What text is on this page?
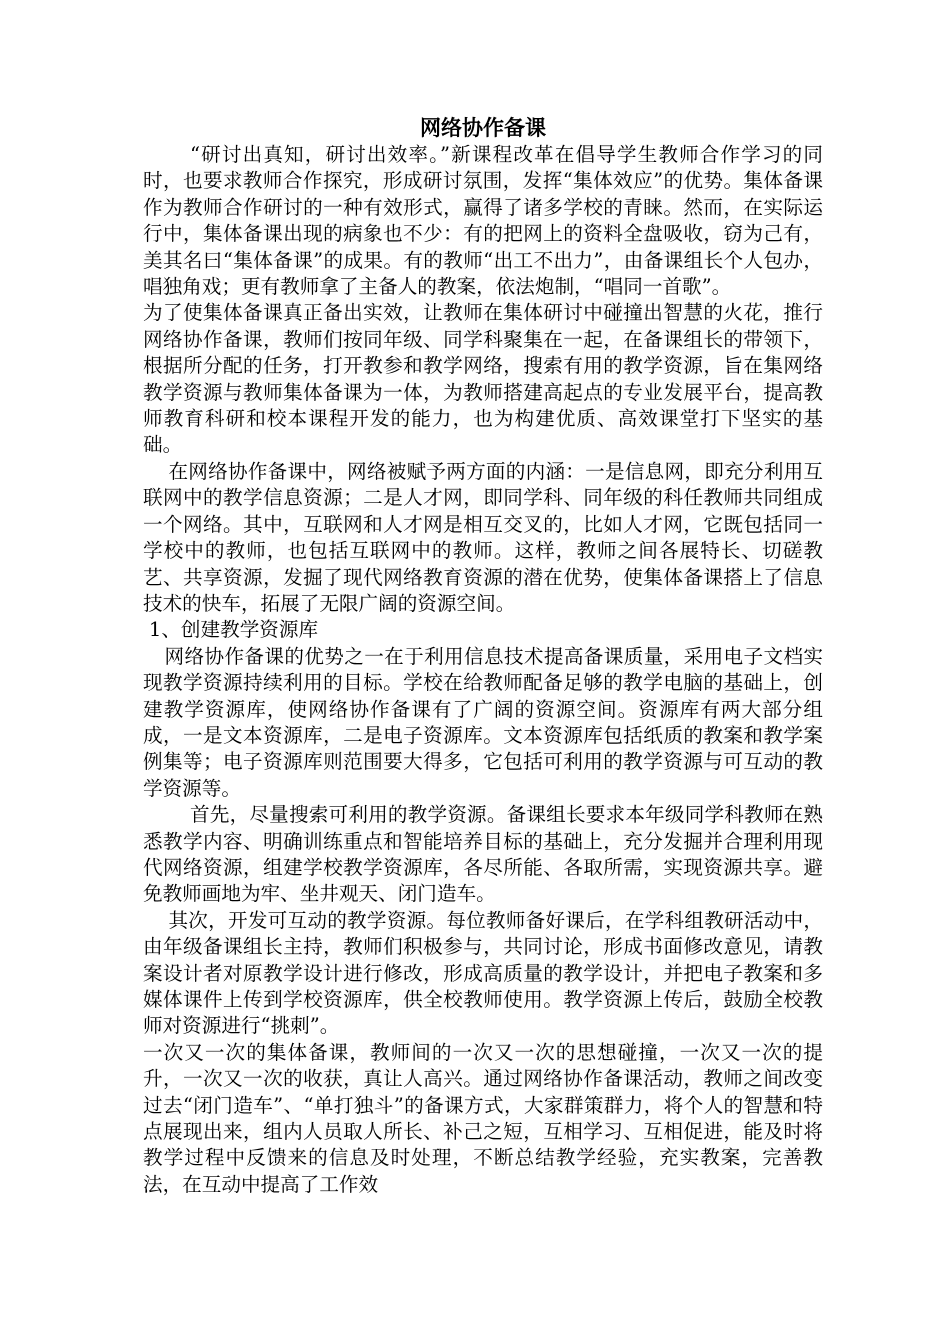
网络协作备课

“研讨出真知，研讨出效率。”新课程改革在倡导学生教师合作学习的同时，也要求教师合作探究，形成研讨氛围，发挥“集体效应”的优势。集体备课作为教师合作研讨的一种有效形式，赢得了诸多学校的青睐。然而，在实际运行中，集体备课出现的病象也不少：有的把网上的资料全盘吸收，窃为己有，美其名曰“集体备课”的成果。有的教师“出工不出力”，由备课组长个人包办，唱独角戏；更有教师拿了主备人的教案，依法炮制，“唱同一首歌”。

为了使集体备课真正备出实效，让教师在集体研讨中碰撞出智慧的火花，推行网络协作备课，教师们按同年级、同学科聚集在一起，在备课组长的带领下，根据所分配的任务，打开教参和教学网络，搜索有用的教学资源，旨在集网络教学资源与教师集体备课为一体，为教师搭建高起点的专业发展平台，提高教师教育科研和校本课程开发的能力，也为构建优质、高效课堂打下坚实的基础。

在网络协作备课中，网络被赋予两方面的内涵：一是信息网，即充分利用互联网中的教学信息资源；二是人才网，即同学科、同年级的科任教师共同组成一个网络。其中，互联网和人才网是相互交叉的，比如人才网，它既包括同一学校中的教师，也包括互联网中的教师。这样，教师之间各展特长、切磋教艺、共享资源，发掘了现代网络教育资源的潜在优势，使集体备课搭上了信息技术的快车，拓展了无限广阔的资源空间。

1、创建教学资源库

网络协作备课的优势之一在于利用信息技术提高备课质量，采用电子文档实现教学资源持续利用的目标。学校在给教师配备足够的教学电脑的基础上，创建教学资源库，使网络协作备课有了广阔的资源空间。资源库有两大部分组成，一是文本资源库，二是电子资源库。文本资源库包括纸质的教案和教学案例集等；电子资源库则范围要大得多，它包括可利用的教学资源与可互动的教学资源等。

首先，尽量搜索可利用的教学资源。备课组长要求本年级同学科教师在熟悉教学内容、明确训练重点和智能培养目标的基础上，充分发掘并合理利用现代网络资源，组建学校教学资源库，各尽所能、各取所需，实现资源共享。避免教师画地为牢、坐井观天、闭门造车。

其次，开发可互动的教学资源。每位教师备好课后，在学科组教研活动中，由年级备课组长主持，教师们积极参与，共同讨论，形成书面修改意见，请教案设计者对原教学设计进行修改，形成高质量的教学设计，并把电子教案和多媒体课件上传到学校资源库，供全校教师使用。教学资源上传后，鼓励全校教师对资源进行“挑刺”。

一次又一次的集体备课，教师间的一次又一次的思想碰撞，一次又一次的提升，一次又一次的收获，真让人高兴。通过网络协作备课活动，教师之间改变过去“闭门造车”、“单打独斗”的备课方式，大家群策群力，将个人的智慧和特点展现出来，组内人员取人所长、补己之短，互相学习、互相促进，能及时将教学过程中反馈来的信息及时处理，不断总结教学经验，充实教案，完善教法，在互动中提高了工作效
